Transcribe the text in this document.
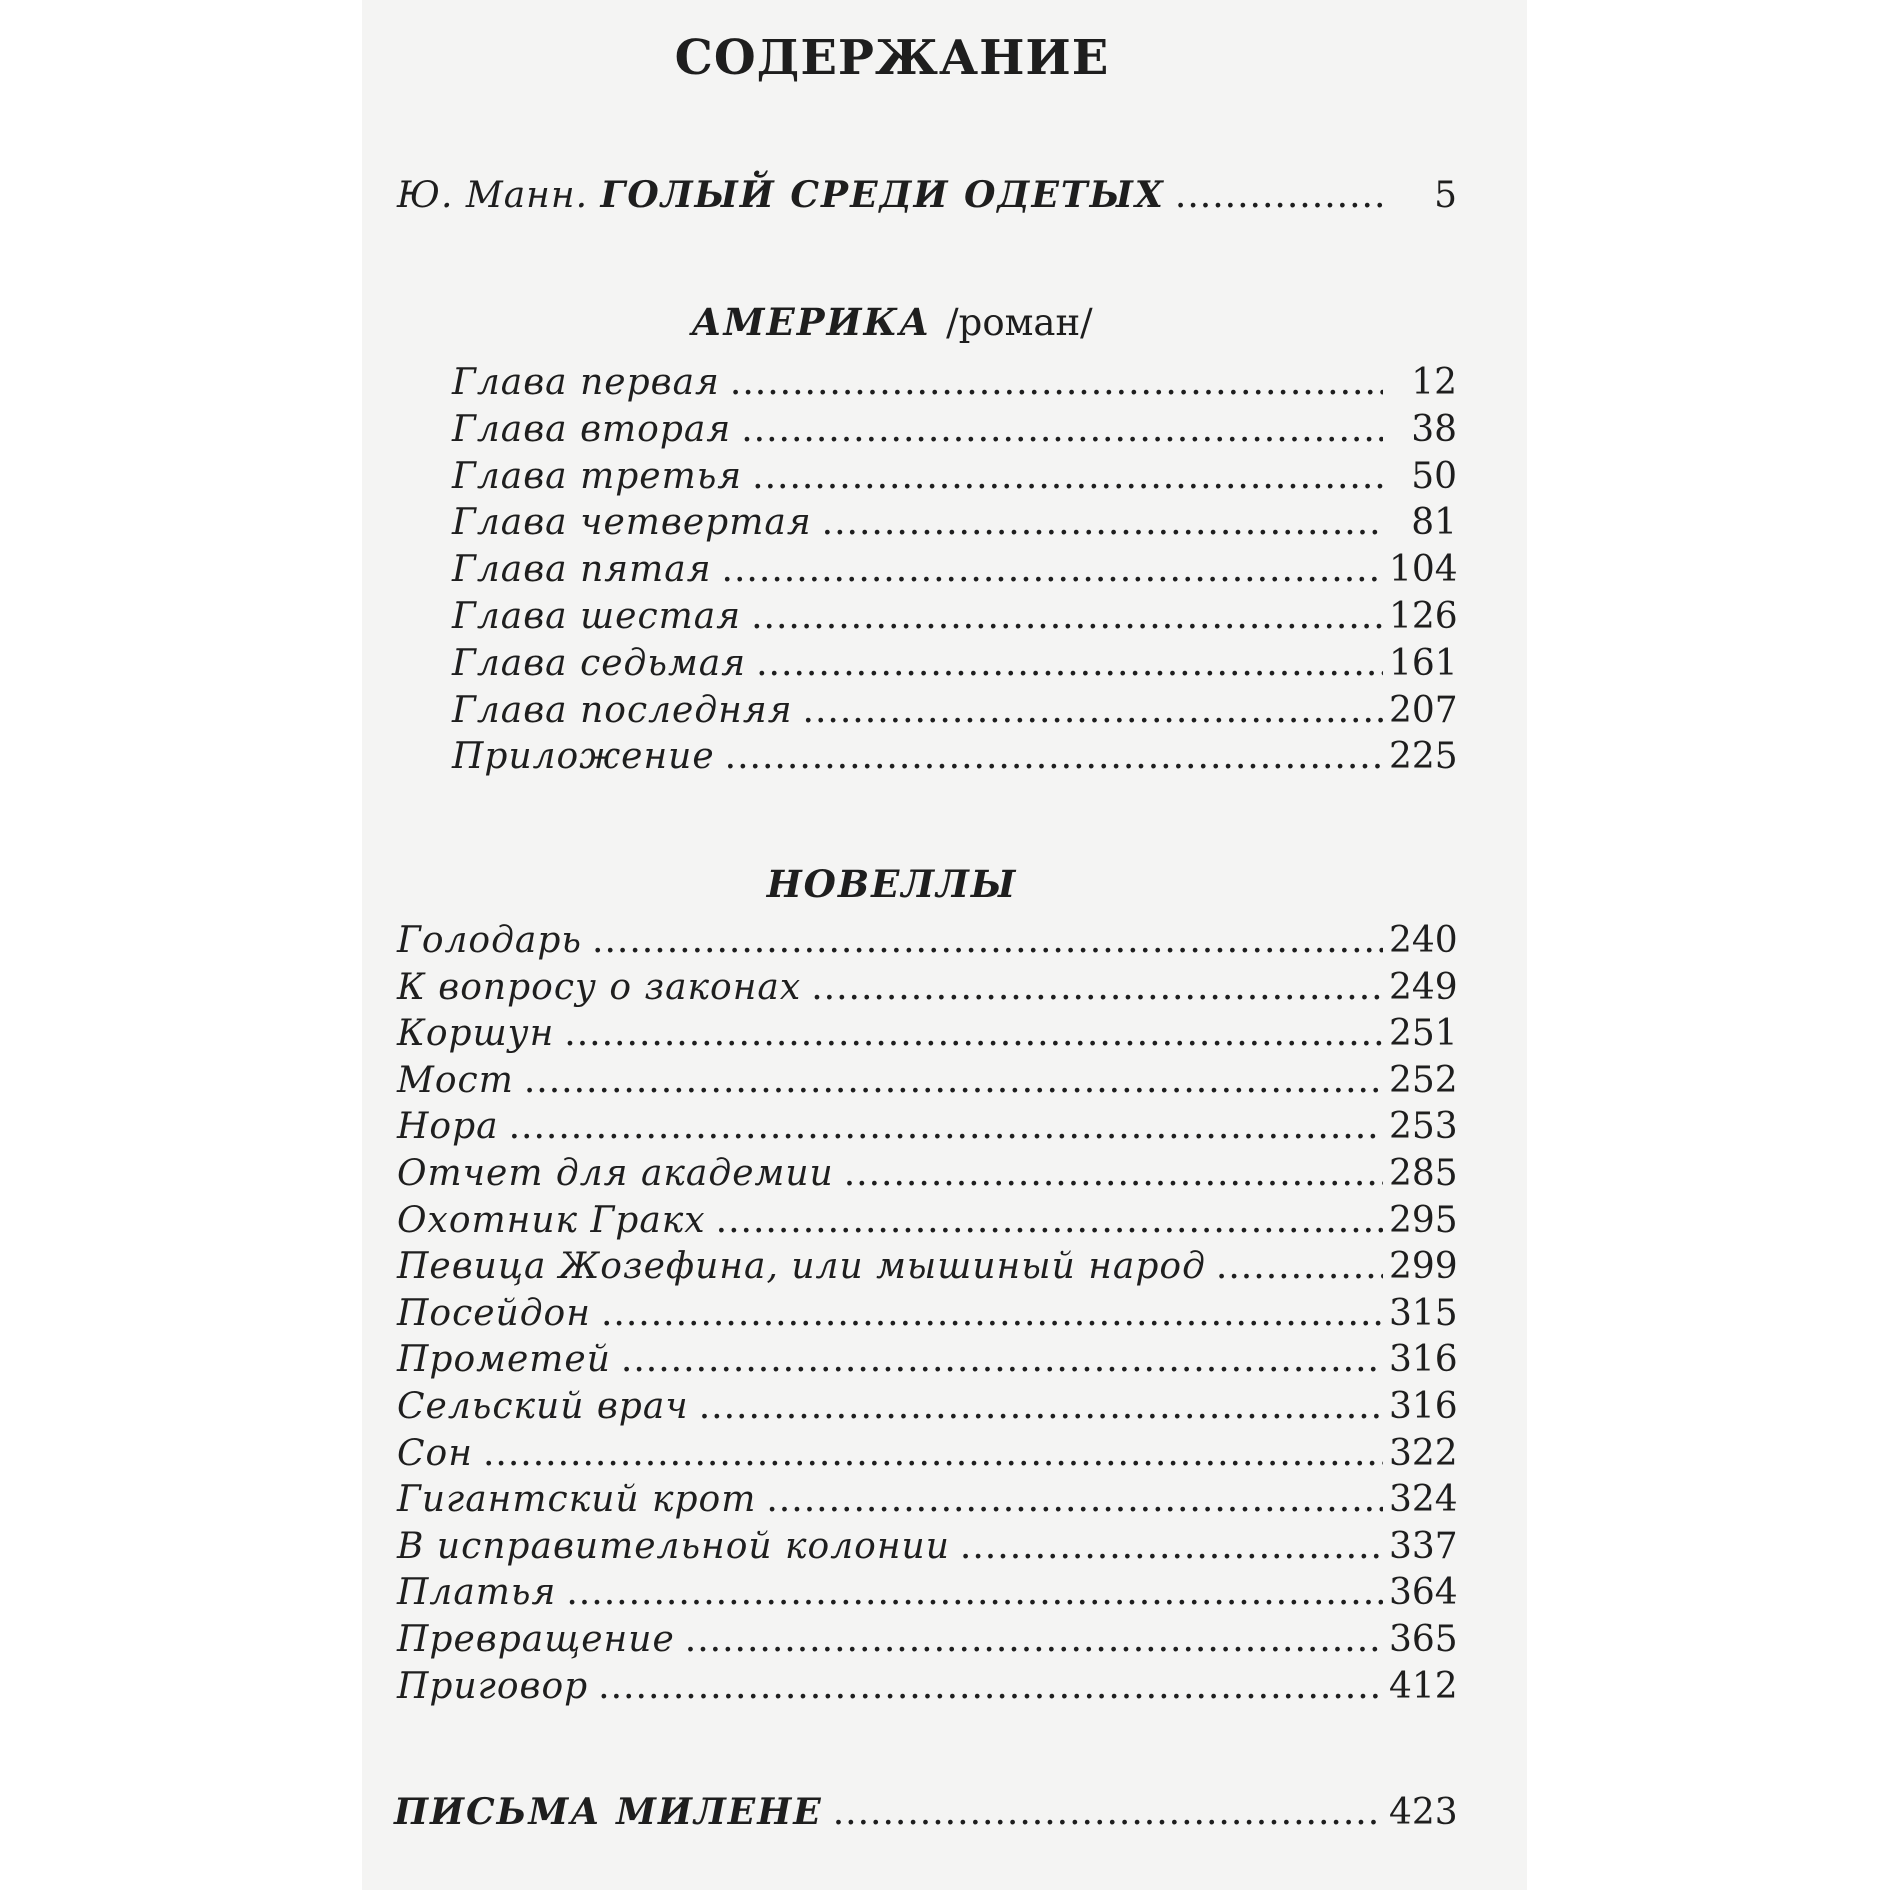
СОДЕРЖАНИЕ
Ю. Манн. ГОЛЫЙ СРЕДИ ОДЕТЫХ .....	5
АМЕРИКА /роман/
Глава первая .....	12
Глава вторая .....	38
Глава третья .....	50
Глава четвертая .....	81
Глава пятая .....	104
Глава шестая .....	126
Глава седьмая .....	161
Глава последняя .....	207
Приложение .....	225
НОВЕЛЛЫ
Голодарь .....	240
К вопросу о законах .....	249
Коршун .....	251
Мост .....	252
Нора .....	253
Отчет для академии .....	285
Охотник Гракх .....	295
Певица Жозефина, или мышиный народ .....	299
Посейдон .....	315
Прометей .....	316
Сельский врач .....	316
Сон .....	322
Гигантский крот .....	324
В исправительной колонии .....	337
Платья .....	364
Превращение .....	365
Приговор .....	412
ПИСЬМА МИЛЕНЕ .....	423
